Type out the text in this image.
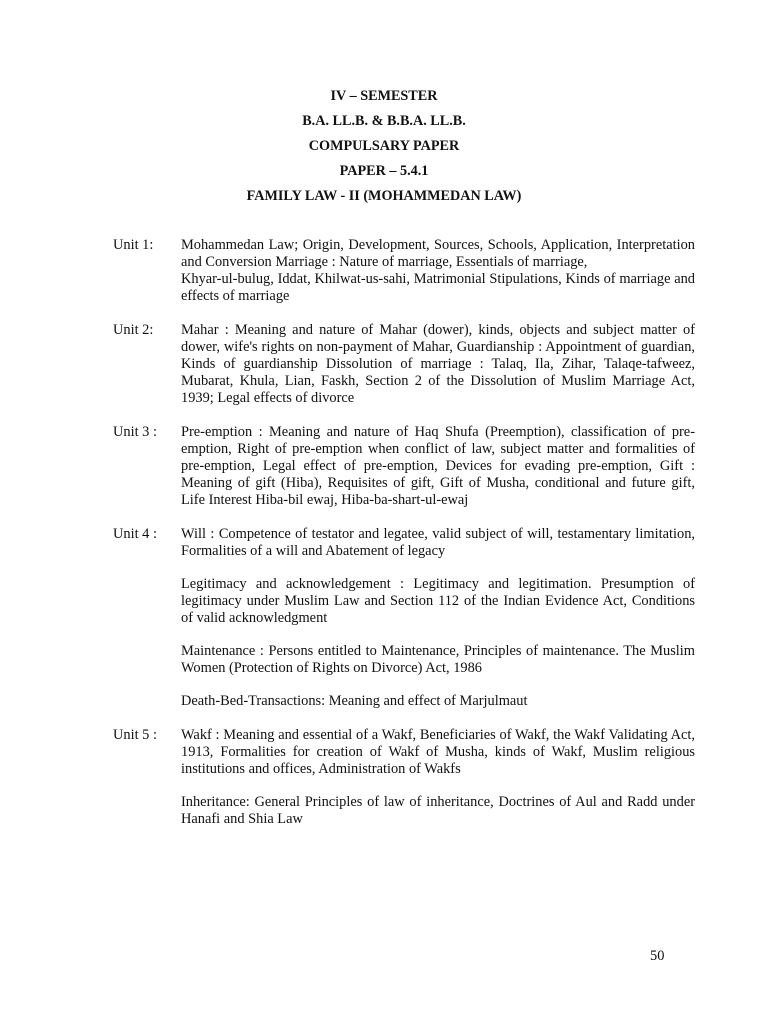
IV – SEMESTER
B.A. LL.B. & B.B.A. LL.B.
COMPULSARY PAPER
PAPER – 5.4.1
FAMILY LAW - II (MOHAMMEDAN LAW)
Unit 1:	Mohammedan Law; Origin, Development, Sources, Schools, Application, Interpretation and Conversion Marriage : Nature of marriage, Essentials of marriage,

Khyar-ul-bulug, Iddat, Khilwat-us-sahi, Matrimonial Stipulations, Kinds of marriage and effects of marriage

Unit 2:	Mahar : Meaning and nature of Mahar (dower), kinds, objects and subject matter of dower, wife's rights on non-payment of Mahar, Guardianship : Appointment of guardian, Kinds of guardianship Dissolution of marriage : Talaq, Ila, Zihar, Talaqe-tafweez, Mubarat, Khula, Lian, Faskh, Section 2 of the Dissolution of Muslim Marriage Act, 1939; Legal effects of divorce

Unit 3 :	Pre-emption : Meaning and nature of Haq Shufa (Preemption), classification of pre-emption, Right of pre-emption when conflict of law, subject matter and formalities of pre-emption, Legal effect of pre-emption, Devices for evading pre-emption, Gift : Meaning of gift (Hiba), Requisites of gift, Gift of Musha, conditional and future gift, Life Interest Hiba-bil ewaj, Hiba-ba-shart-ul-ewaj

Unit 4 :	Will : Competence of testator and legatee, valid subject of will, testamentary limitation, Formalities of a will and Abatement of legacy

Legitimacy and acknowledgement : Legitimacy and legitimation. Presumption of legitimacy under Muslim Law and Section 112 of the Indian Evidence Act, Conditions of valid acknowledgment

Maintenance : Persons entitled to Maintenance, Principles of maintenance. The Muslim Women (Protection of Rights on Divorce) Act, 1986

Death-Bed-Transactions: Meaning and effect of Marjulmaut

Unit 5 :	Wakf : Meaning and essential of a Wakf, Beneficiaries of Wakf, the Wakf Validating Act, 1913, Formalities for creation of Wakf of Musha, kinds of Wakf, Muslim religious institutions and offices, Administration of Wakfs

Inheritance: General Principles of law of inheritance, Doctrines of Aul and Radd under Hanafi and Shia Law

50
